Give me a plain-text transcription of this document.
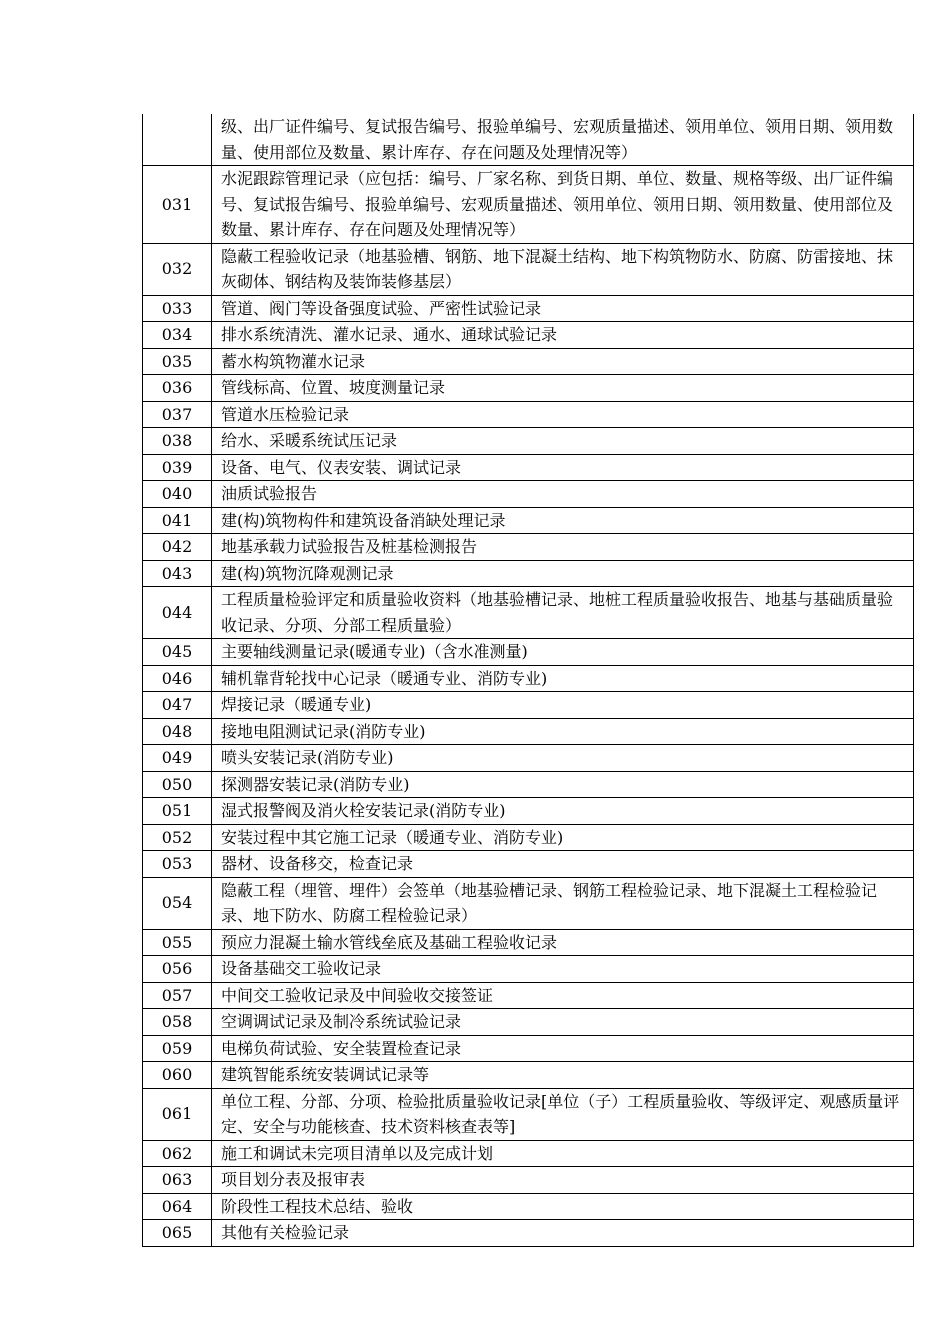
	级、出厂证件编号、复试报告编号、报验单编号、宏观质量描述、领用单位、领用日期、领用数量、使用部位及数量、累计库存、存在问题及处理情况等）
031	水泥跟踪管理记录（应包括：编号、厂家名称、到货日期、单位、数量、规格等级、出厂证件编号、复试报告编号、报验单编号、宏观质量描述、领用单位、领用日期、领用数量、使用部位及数量、累计库存、存在问题及处理情况等）
032	隐蔽工程验收记录（地基验槽、钢筋、地下混凝土结构、地下构筑物防水、防腐、防雷接地、抹灰砌体、钢结构及装饰装修基层）
033	管道、阀门等设备强度试验、严密性试验记录
034	排水系统清洗、灌水记录、通水、通球试验记录
035	蓄水构筑物灌水记录
036	管线标高、位置、坡度测量记录
037	管道水压检验记录
038	给水、采暖系统试压记录
039	设备、电气、仪表安装、调试记录
040	油质试验报告
041	建(构)筑物构件和建筑设备消缺处理记录
042	地基承载力试验报告及桩基检测报告
043	建(构)筑物沉降观测记录
044	工程质量检验评定和质量验收资料（地基验槽记录、地桩工程质量验收报告、地基与基础质量验收记录、分项、分部工程质量验）
045	主要轴线测量记录(暖通专业)（含水准测量)
046	辅机靠背轮找中心记录（暖通专业、消防专业)
047	焊接记录（暖通专业)
048	接地电阻测试记录(消防专业)
049	喷头安装记录(消防专业)
050	探测器安装记录(消防专业)
051	湿式报警阀及消火栓安装记录(消防专业)
052	安装过程中其它施工记录（暖通专业、消防专业)
053	器材、设备移交，检查记录
054	隐蔽工程（埋管、埋件）会签单（地基验槽记录、钢筋工程检验记录、地下混凝土工程检验记录、地下防水、防腐工程检验记录）
055	预应力混凝土输水管线垒底及基础工程验收记录
056	设备基础交工验收记录
057	中间交工验收记录及中间验收交接签证
058	空调调试记录及制冷系统试验记录
059	电梯负荷试验、安全装置检查记录
060	建筑智能系统安装调试记录等
061	单位工程、分部、分项、检验批质量验收记录[单位（子）工程质量验收、等级评定、观感质量评定、安全与功能核查、技术资料核查表等]
062	施工和调试未完项目清单以及完成计划
063	项目划分表及报审表
064	阶段性工程技术总结、验收
065	其他有关检验记录
